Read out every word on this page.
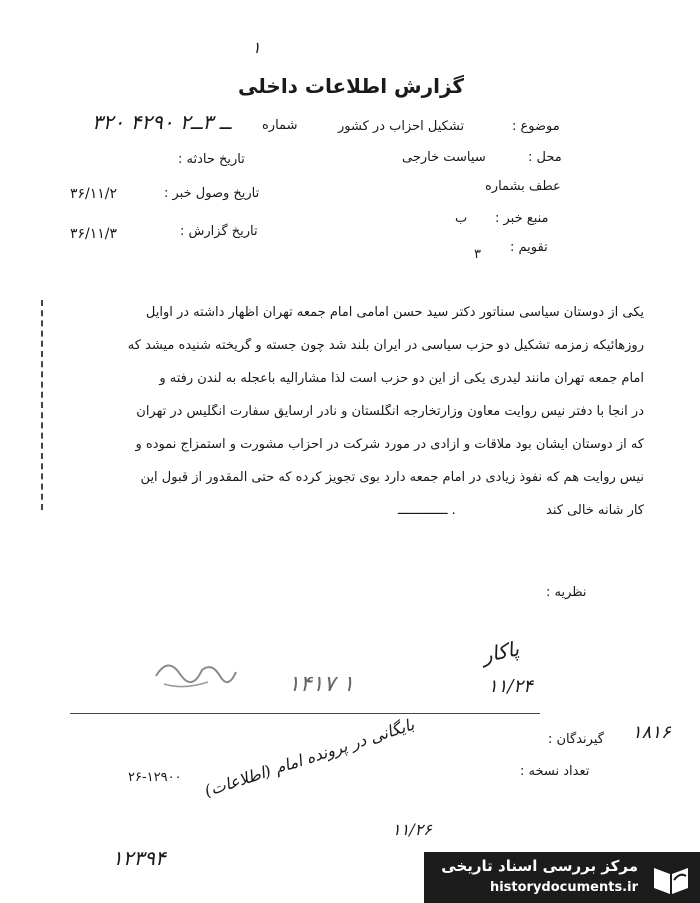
۱
گزارش اطلاعات داخلی
شماره
۳۲۰ ــ ۳ــ۲ ۴۲۹۰	موضوع :
تشکیل احزاب در کشور
محل :
سیاست خارجی
عطف بشماره
منبع خبر :
ب
تقویم :
۳
تاریخ حادثه :
تاریخ وصول خبر :
۳۶/۱۱/۲
تاریخ گزارش :
۳۶/۱۱/۳
یکی از دوستان سیاسی سناتور دکتر سید حسن امامی امام جمعه تهران اظهار داشته در اوایل
روزهائیکه زمزمه تشکیل دو حزب سیاسی در ایران بلند شد چون جسته و گریخته شنیده میشد که
امام جمعه تهران مانند لیدری یکی از این دو حزب است لذا مشارالیه باعجله به لندن رفته و
در آنجا با دفتر نیس روایت معاون وزارتخارجه انگلستان و نادر ارسایق سفارت انگلیس در تهران
که از دوستان ایشان بود ملاقات و آزادی در مورد شرکت در احزاب مشورت و استمزاج نموده و
نیس روایت هم که نفوذ زیادی در امام جمعه دارد بوی تجویز کرده که حتی المقدور از قبول این
کار شانه خالی کند
ـــــــــــــ .
نظریه :
پاکار
۱۱/۲۴
۱۴۱۷ ۱
۱۸۱۶
گیرندگان :
تعداد نسخه :
۲۶-۱۲۹۰۰ بایگانی در پرونده امام (اطلاعات)
۱۱/۲۶
۱۲۳۹۴	مرکز بررسی اسناد تاریخی
historydocuments.ir
